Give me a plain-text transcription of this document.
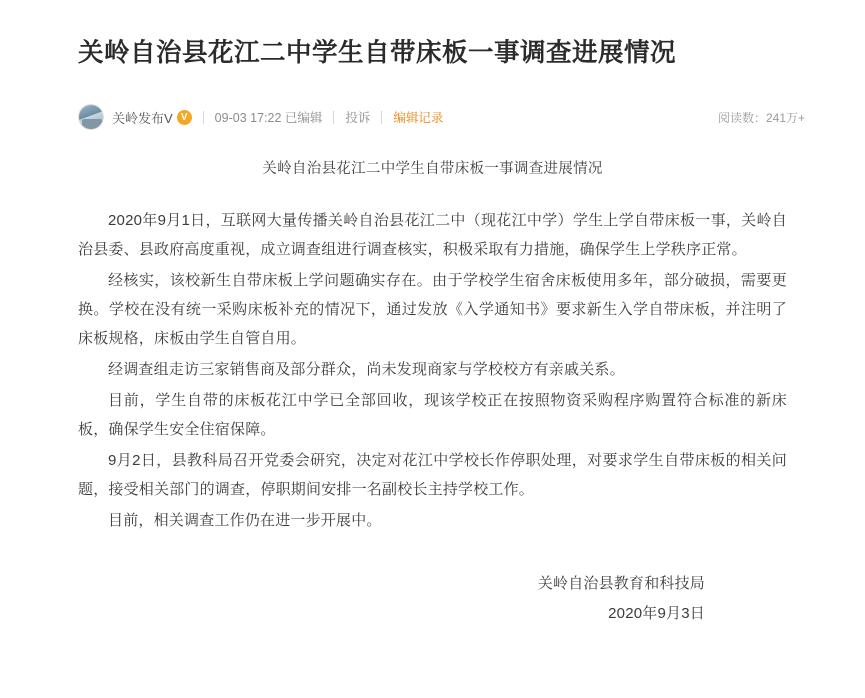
关岭自治县花江二中学生自带床板一事调查进展情况
关岭发布V V	09-03 17:22 已编辑 投诉 编辑记录	阅读数：241万+
关岭自治县花江二中学生自带床板一事调查进展情况

2020年9月1日，互联网大量传播关岭自治县花江二中（现花江中学）学生上学自带床板一事，关岭自治县委、县政府高度重视，成立调查组进行调查核实，积极采取有力措施，确保学生上学秩序正常。

经核实，该校新生自带床板上学问题确实存在。由于学校学生宿舍床板使用多年，部分破损，需要更换。学校在没有统一采购床板补充的情况下，通过发放《入学通知书》要求新生入学自带床板，并注明了床板规格，床板由学生自管自用。

经调查组走访三家销售商及部分群众，尚未发现商家与学校校方有亲戚关系。

目前，学生自带的床板花江中学已全部回收，现该学校正在按照物资采购程序购置符合标准的新床板，确保学生安全住宿保障。

9月2日，县教科局召开党委会研究，决定对花江中学校长作停职处理，对要求学生自带床板的相关问题，接受相关部门的调查，停职期间安排一名副校长主持学校工作。

目前，相关调查工作仍在进一步开展中。

关岭自治县教育和科技局
2020年9月3日
